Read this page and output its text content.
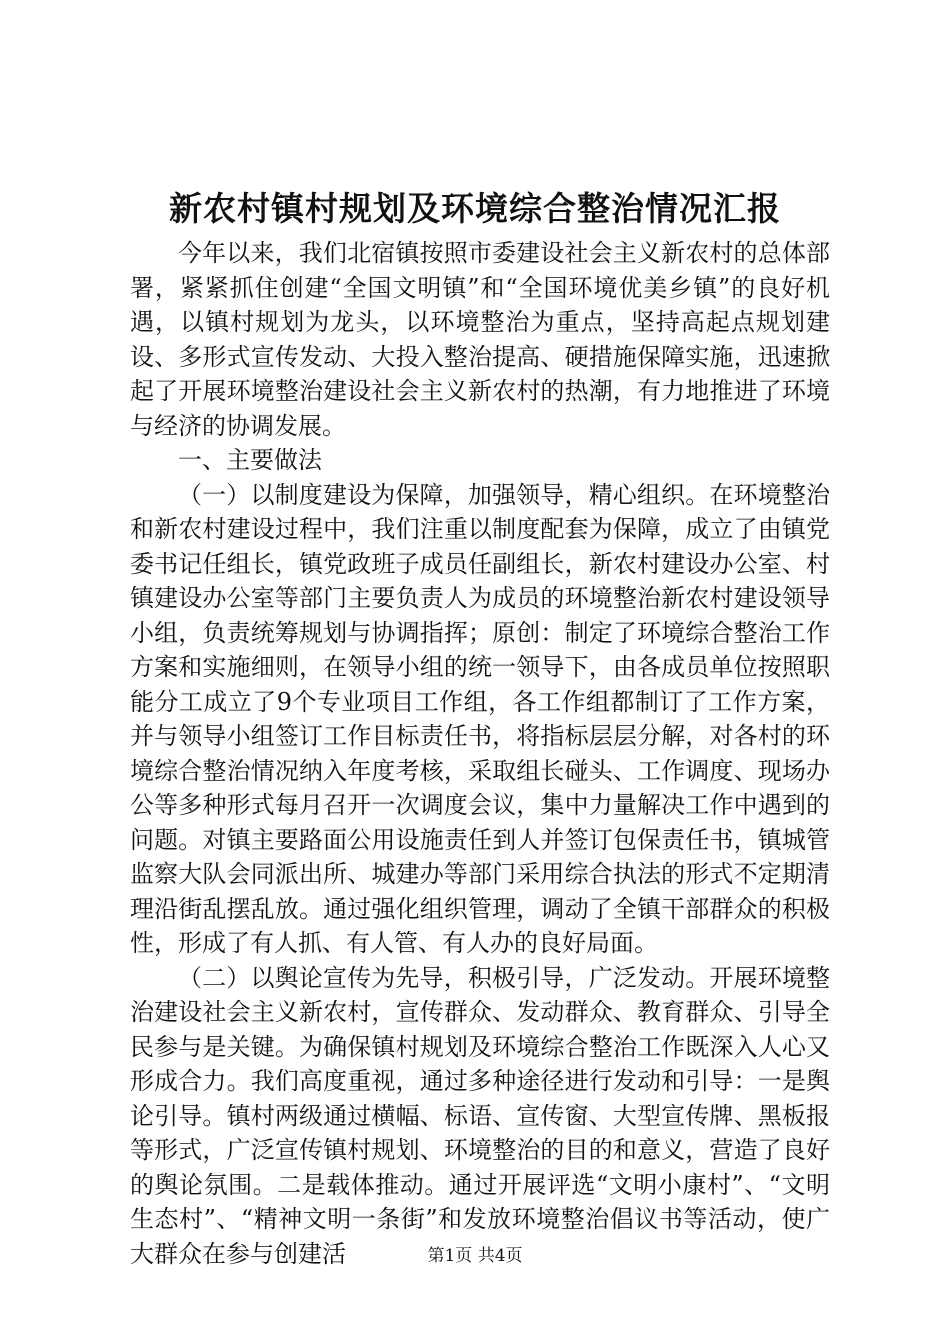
新农村镇村规划及环境综合整治情况汇报

今年以来，我们北宿镇按照市委建设社会主义新农村的总体部署，紧紧抓住创建“全国文明镇”和“全国环境优美乡镇”的良好机遇，以镇村规划为龙头，以环境整治为重点，坚持高起点规划建设、多形式宣传发动、大投入整治提高、硬措施保障实施，迅速掀起了开展环境整治建设社会主义新农村的热潮，有力地推进了环境与经济的协调发展。

一、主要做法

（一）以制度建设为保障，加强领导，精心组织。在环境整治和新农村建设过程中，我们注重以制度配套为保障，成立了由镇党委书记任组长，镇党政班子成员任副组长，新农村建设办公室、村镇建设办公室等部门主要负责人为成员的环境整治新农村建设领导小组，负责统筹规划与协调指挥；原创：制定了环境综合整治工作方案和实施细则，在领导小组的统一领导下，由各成员单位按照职能分工成立了9个专业项目工作组，各工作组都制订了工作方案，并与领导小组签订工作目标责任书，将指标层层分解，对各村的环境综合整治情况纳入年度考核，采取组长碰头、工作调度、现场办公等多种形式每月召开一次调度会议，集中力量解决工作中遇到的问题。对镇主要路面公用设施责任到人并签订包保责任书，镇城管监察大队会同派出所、城建办等部门采用综合执法的形式不定期清理沿街乱摆乱放。通过强化组织管理，调动了全镇干部群众的积极性，形成了有人抓、有人管、有人办的良好局面。

（二）以舆论宣传为先导，积极引导，广泛发动。开展环境整治建设社会主义新农村，宣传群众、发动群众、教育群众、引导全民参与是关键。为确保镇村规划及环境综合整治工作既深入人心又形成合力。我们高度重视，通过多种途径进行发动和引导：一是舆论引导。镇村两级通过横幅、标语、宣传窗、大型宣传牌、黑板报等形式，广泛宣传镇村规划、环境整治的目的和意义，营造了良好的舆论氛围。二是载体推动。通过开展评选“文明小康村”、“文明生态村”、“精神文明一条街”和发放环境整治倡议书等活动，使广大群众在参与创建活	第1页 共4页
